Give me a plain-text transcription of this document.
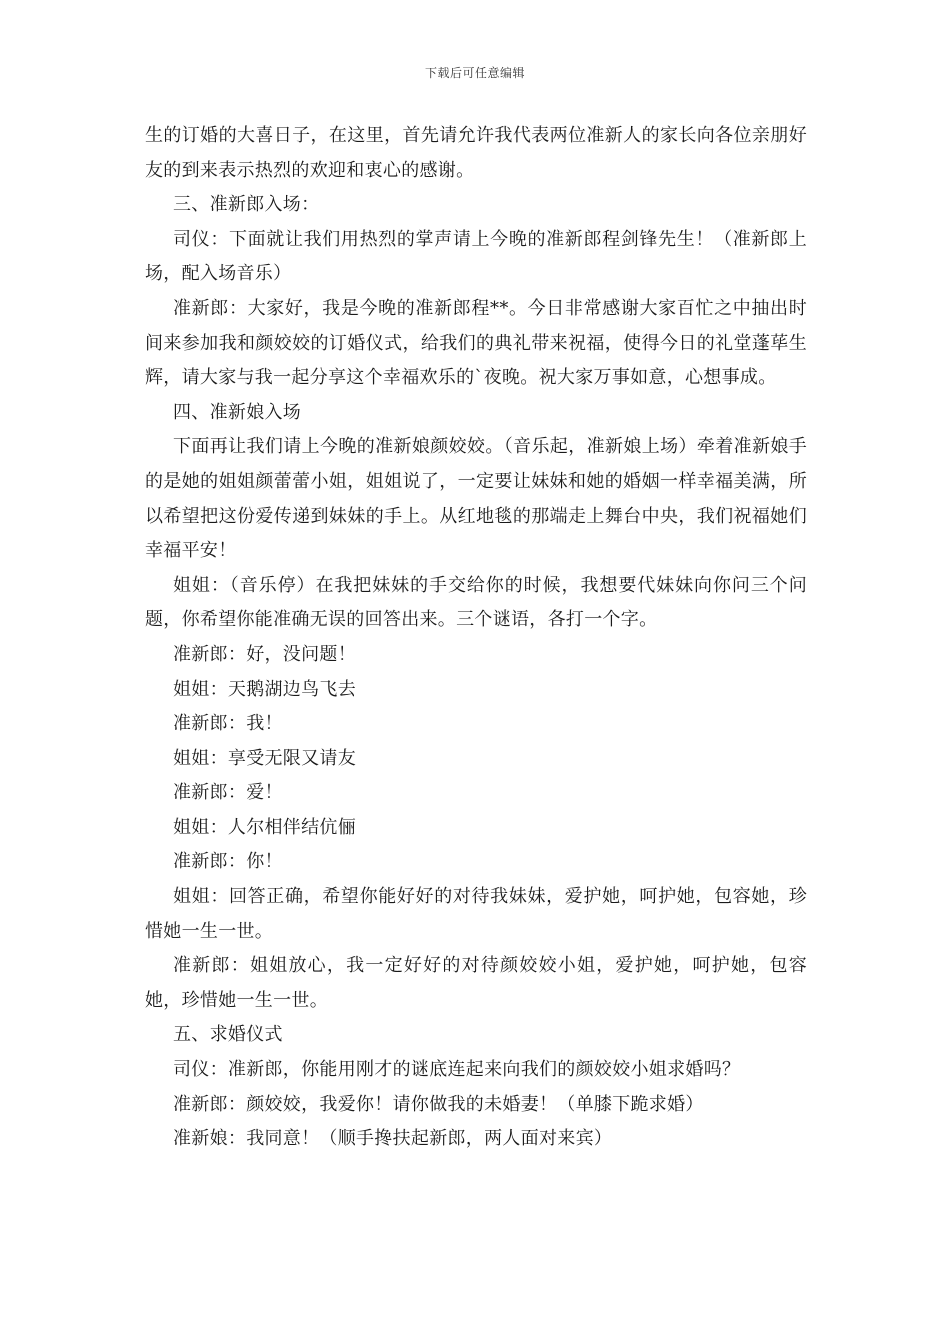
下载后可任意编辑

生的订婚的大喜日子，在这里，首先请允许我代表两位准新人的家长向各位亲朋好友的到来表示热烈的欢迎和衷心的感谢。

三、准新郎入场：

司仪：下面就让我们用热烈的掌声请上今晚的准新郎程剑锋先生！（准新郎上场，配入场音乐）

准新郎：大家好，我是今晚的准新郎程**。今日非常感谢大家百忙之中抽出时间来参加我和颜姣姣的订婚仪式，给我们的典礼带来祝福，使得今日的礼堂蓬荜生辉，请大家与我一起分享这个幸福欢乐的`夜晚。祝大家万事如意，心想事成。

四、准新娘入场

下面再让我们请上今晚的准新娘颜姣姣。（音乐起，准新娘上场）牵着准新娘手的是她的姐姐颜蕾蕾小姐，姐姐说了，一定要让妹妹和她的婚姻一样幸福美满，所以希望把这份爱传递到妹妹的手上。从红地毯的那端走上舞台中央，我们祝福她们幸福平安！

姐姐：（音乐停）在我把妹妹的手交给你的时候，我想要代妹妹向你问三个问题，你希望你能准确无误的回答出来。三个谜语，各打一个字。

准新郎：好，没问题！

姐姐：天鹅湖边鸟飞去

准新郎：我！

姐姐：享受无限又请友

准新郎：爱！

姐姐：人尔相伴结伉俪

准新郎：你！

姐姐：回答正确，希望你能好好的对待我妹妹，爱护她，呵护她，包容她，珍惜她一生一世。

准新郎：姐姐放心，我一定好好的对待颜姣姣小姐，爱护她，呵护她，包容她，珍惜她一生一世。

五、求婚仪式

司仪：准新郎，你能用刚才的谜底连起来向我们的颜姣姣小姐求婚吗？

准新郎：颜姣姣，我爱你！请你做我的未婚妻！（单膝下跪求婚）

准新娘：我同意！（顺手搀扶起新郎，两人面对来宾）
